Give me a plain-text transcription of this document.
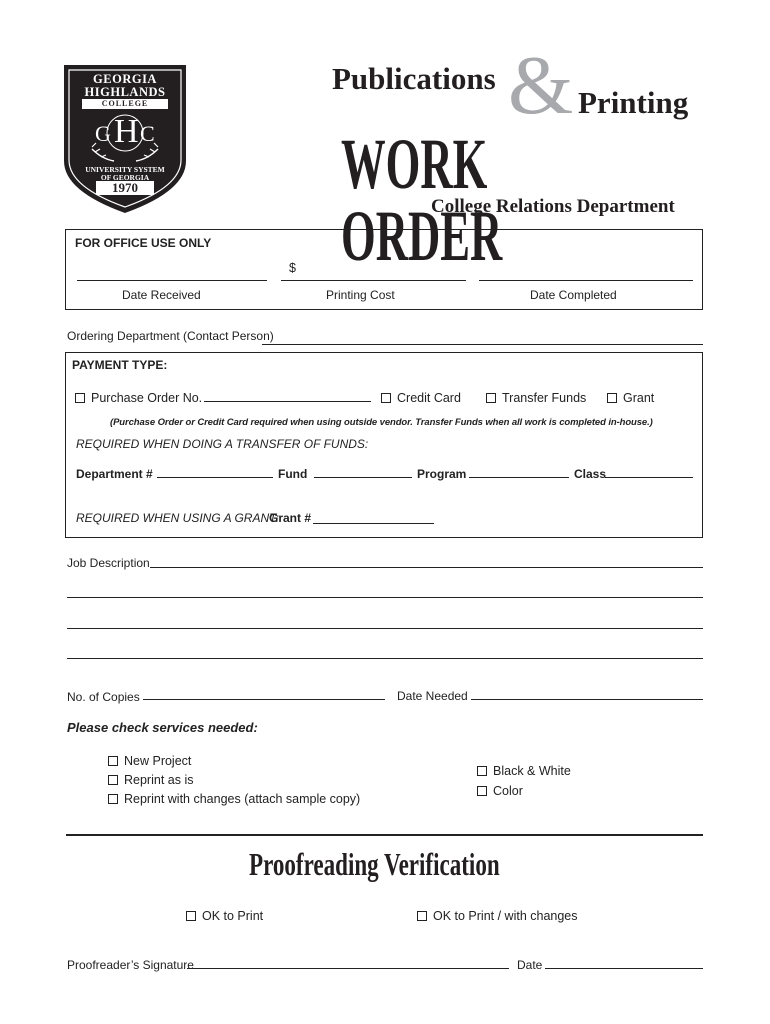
GEORGIA
HIGHLANDS
COLLEGE
G H C
UNIVERSITY SYSTEM
OF GEORGIA
1970
&
Publications
Printing
WORK ORDER
College Relations Department
FOR OFFICE USE ONLY
$
Date Received	Printing Cost	Date Completed
Ordering Department (Contact Person)
PAYMENT TYPE:
Purchase Order No.	Credit Card	Transfer Funds	Grant
(Purchase Order or Credit Card required when using outside vendor. Transfer Funds when all work is completed in-house.)
REQUIRED WHEN DOING A TRANSFER OF FUNDS:
Department #	Fund	Program	Class
REQUIRED WHEN USING A GRANT:
Grant #
Job Description
No. of Copies	Date Needed
Please check services needed:
New Project
Reprint as is
Reprint with changes (attach sample copy)
Black & White
Color
Proofreading Verification
OK to Print	OK to Print / with changes
Proofreader’s Signature	Date
